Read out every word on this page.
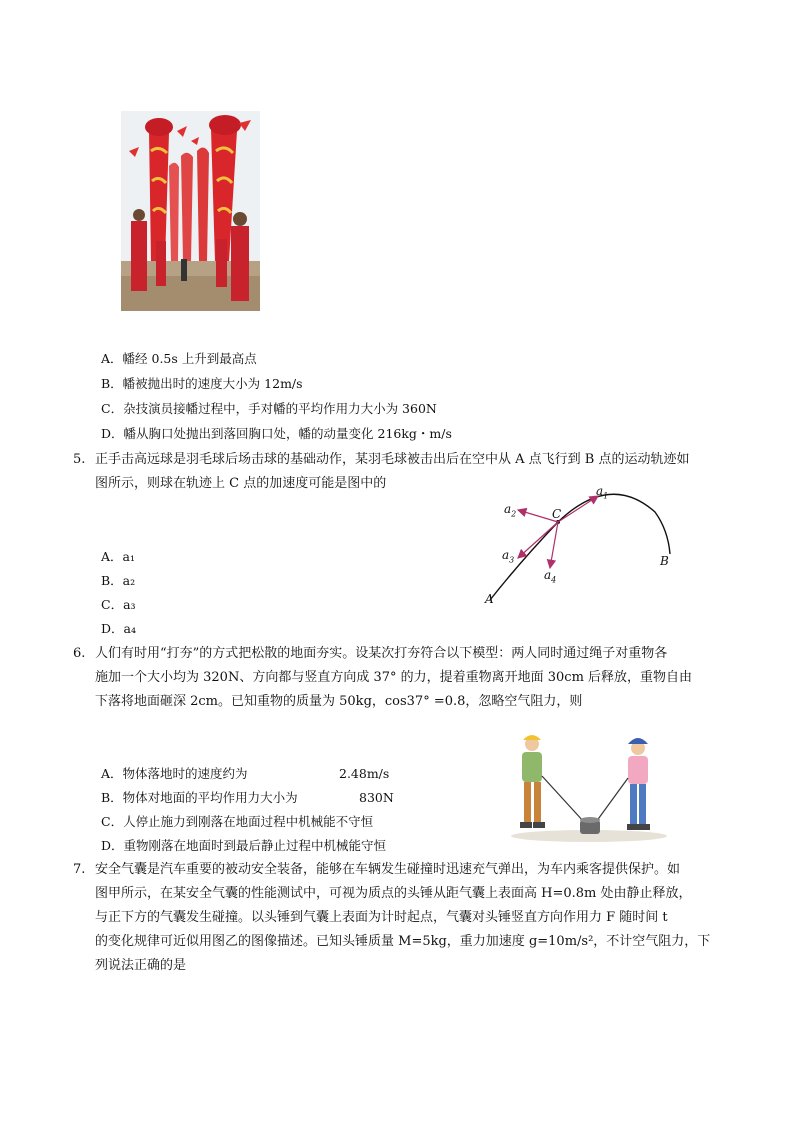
A．幡经 0.5s 上升到最高点
B．幡被抛出时的速度大小为 12m/s
C．杂技演员接幡过程中，手对幡的平均作用力大小为 360N
D．幡从胸口处抛出到落回胸口处，幡的动量变化 216kg・m/s
5. 正手击高远球是羽毛球后场击球的基础动作，某羽毛球被击出后在空中从 A 点飞行到 B 点的运动轨迹如
图所示，则球在轨迹上 C 点的加速度可能是图中的	$a_1$
$a_2$	C
$a_3$
$a_4$
B
A
A．a₁
B．a₂
C．a₃
D．a₄
6. 人们有时用“打夯”的方式把松散的地面夯实。设某次打夯符合以下模型：两人同时通过绳子对重物各
施加一个大小均为 320N、方向都与竖直方向成 37° 的力，提着重物离开地面 30cm 后释放，重物自由
下落将地面砸深 2cm。已知重物的质量为 50kg，cos37° =0.8，忽略空气阻力，则
A．物体落地时的速度约为	2.48m/s
B．物体对地面的平均作用力大小为	830N
C．人停止施力到刚落在地面过程中机械能不守恒
D．重物刚落在地面时到最后静止过程中机械能守恒
7. 安全气囊是汽车重要的被动安全装备，能够在车辆发生碰撞时迅速充气弹出，为车内乘客提供保护。如
图甲所示，在某安全气囊的性能测试中，可视为质点的头锤从距气囊上表面高 H=0.8m 处由静止释放，
与正下方的气囊发生碰撞。以头锤到气囊上表面为计时起点，气囊对头锤竖直方向作用力 F 随时间 t
的变化规律可近似用图乙的图像描述。已知头锤质量 M=5kg，重力加速度 g=10m/s²，不计空气阻力，下
列说法正确的是
